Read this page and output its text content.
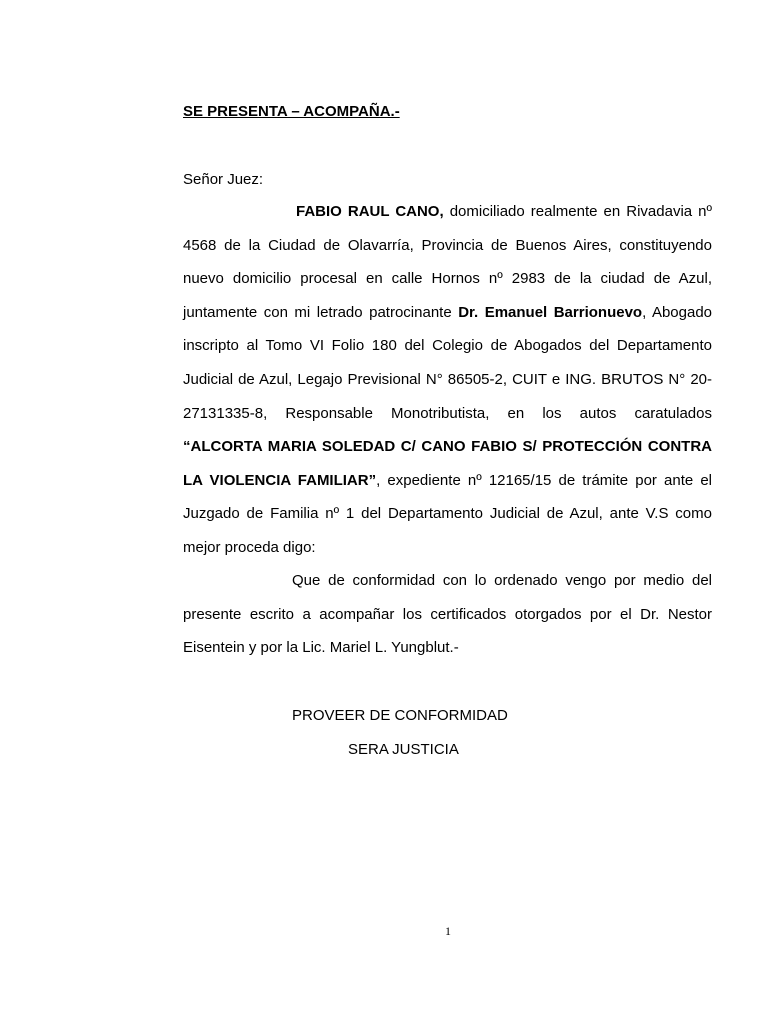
SE PRESENTA – ACOMPAÑA.-
Señor Juez:

FABIO RAUL CANO, domiciliado realmente en Rivadavia nº 4568 de la Ciudad de Olavarría, Provincia de Buenos Aires, constituyendo nuevo domicilio procesal en calle Hornos nº 2983 de la ciudad de Azul, juntamente con mi letrado patrocinante Dr. Emanuel Barrionuevo, Abogado inscripto al Tomo VI Folio 180 del Colegio de Abogados del Departamento Judicial de Azul, Legajo Previsional N° 86505-2, CUIT e ING. BRUTOS N° 20-27131335-8, Responsable Monotributista, en los autos caratulados “ALCORTA MARIA SOLEDAD C/ CANO FABIO S/ PROTECCIÓN CONTRA LA VIOLENCIA FAMILIAR”, expediente nº 12165/15 de trámite por ante el Juzgado de Familia nº 1 del Departamento Judicial de Azul, ante V.S como mejor proceda digo:

Que de conformidad con lo ordenado vengo por medio del presente escrito a acompañar los certificados otorgados por el Dr. Nestor Eisentein y por la Lic. Mariel L. Yungblut.-

PROVEER DE CONFORMIDAD
SERA JUSTICIA
1
